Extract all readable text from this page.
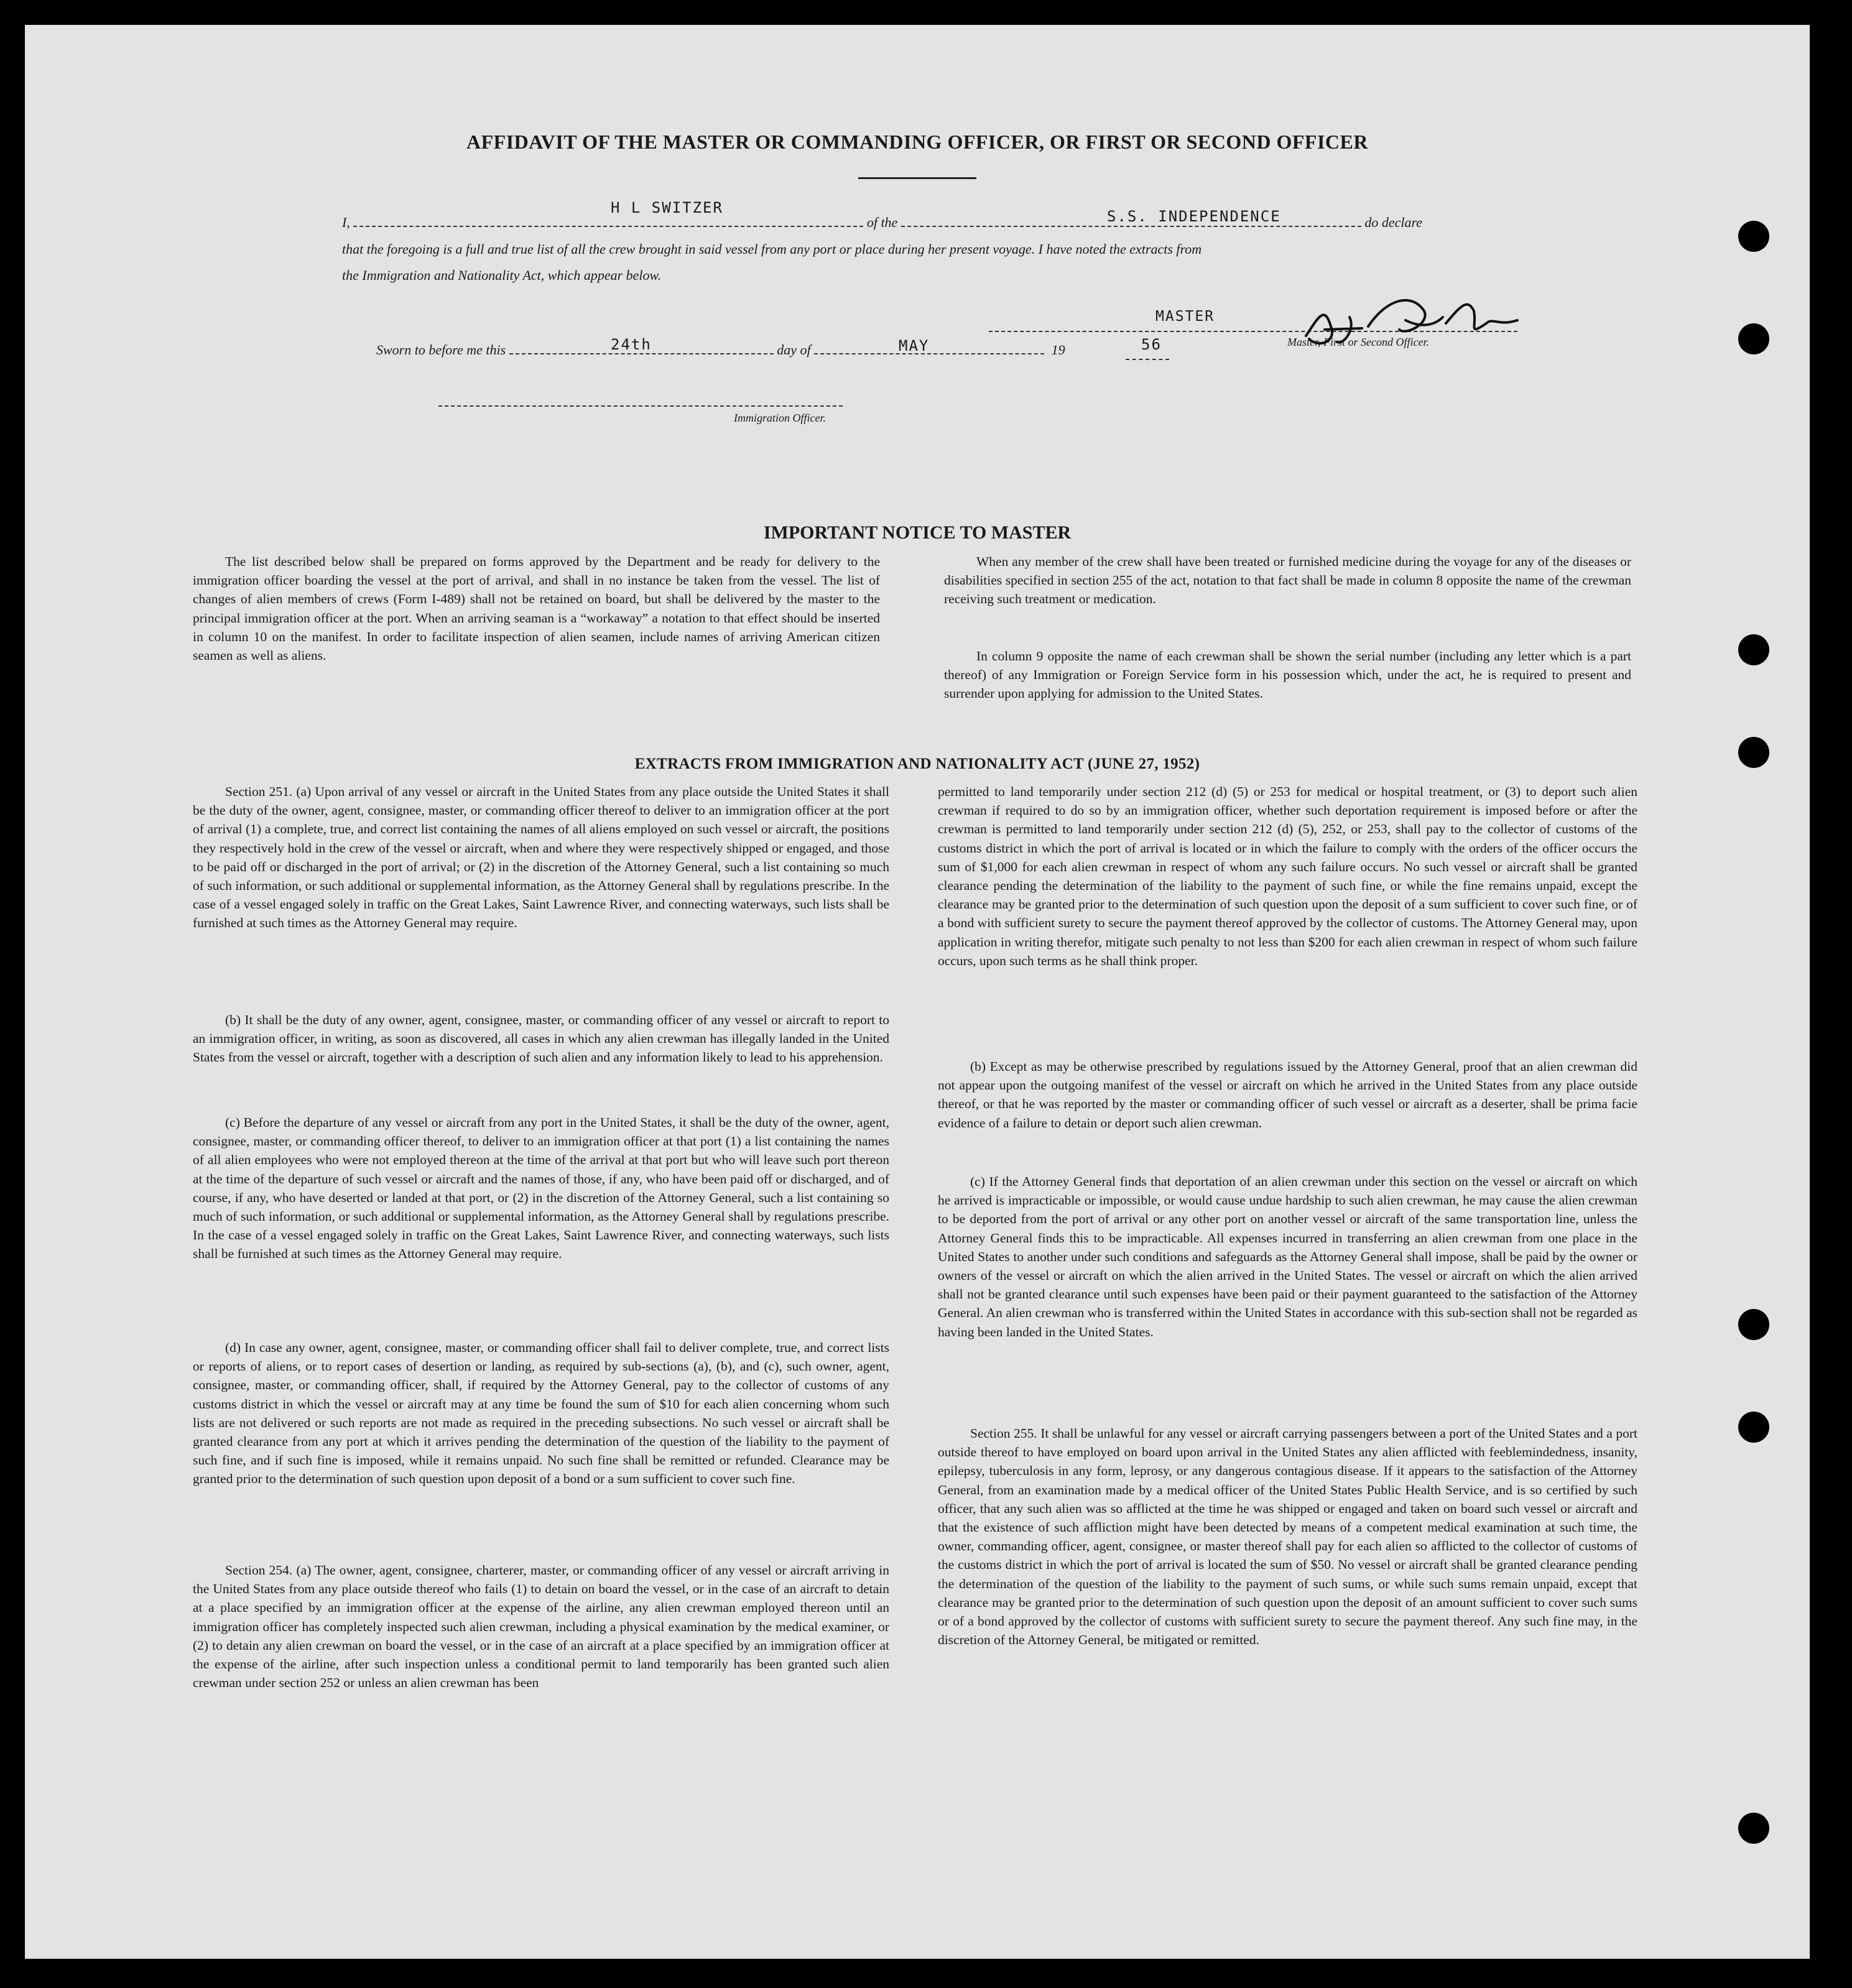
AFFIDAVIT OF THE MASTER OR COMMANDING OFFICER, OR FIRST OR SECOND OFFICER
I,	of the	do declare
H L SWITZER	S.S. INDEPENDENCE
that the foregoing is a full and true list of all the crew brought in said vessel from any port or place during her present voyage. I have noted the extracts from
the Immigration and Nationality Act, which appear below.
MASTER
Master, First or Second Officer.
Sworn to before me this	day of	19
24th	MAY	56
Immigration Officer.
IMPORTANT NOTICE TO MASTER

The list described below shall be prepared on forms approved by the Department and be ready for delivery to the immigration officer boarding the vessel at the port of arrival, and shall in no instance be taken from the vessel. The list of changes of alien members of crews (Form I-489) shall not be retained on board, but shall be delivered by the master to the principal immigration officer at the port. When an arriving seaman is a “workaway” a notation to that effect should be inserted in column 10 on the manifest. In order to facilitate inspection of alien seamen, include names of arriving American citizen seamen as well as aliens.

When any member of the crew shall have been treated or furnished medicine during the voyage for any of the diseases or disabilities specified in section 255 of the act, notation to that fact shall be made in column 8 opposite the name of the crewman receiving such treatment or medication.

In column 9 opposite the name of each crewman shall be shown the serial number (including any letter which is a part thereof) of any Immigration or Foreign Service form in his possession which, under the act, he is required to present and surrender upon applying for admission to the United States.

EXTRACTS FROM IMMIGRATION AND NATIONALITY ACT (JUNE 27, 1952)

Section 251. (a) Upon arrival of any vessel or aircraft in the United States from any place outside the United States it shall be the duty of the owner, agent, consignee, master, or commanding officer thereof to deliver to an immigration officer at the port of arrival (1) a complete, true, and correct list containing the names of all aliens employed on such vessel or aircraft, the positions they respectively hold in the crew of the vessel or aircraft, when and where they were respectively shipped or engaged, and those to be paid off or discharged in the port of arrival; or (2) in the discretion of the Attorney General, such a list containing so much of such information, or such additional or supplemental information, as the Attorney General shall by regulations prescribe. In the case of a vessel engaged solely in traffic on the Great Lakes, Saint Lawrence River, and connecting waterways, such lists shall be furnished at such times as the Attorney General may require.

(b) It shall be the duty of any owner, agent, consignee, master, or commanding officer of any vessel or aircraft to report to an immigration officer, in writing, as soon as discovered, all cases in which any alien crewman has illegally landed in the United States from the vessel or aircraft, together with a description of such alien and any information likely to lead to his apprehension.

(c) Before the departure of any vessel or aircraft from any port in the United States, it shall be the duty of the owner, agent, consignee, master, or commanding officer thereof, to deliver to an immigration officer at that port (1) a list containing the names of all alien employees who were not employed thereon at the time of the arrival at that port but who will leave such port thereon at the time of the departure of such vessel or aircraft and the names of those, if any, who have been paid off or discharged, and of course, if any, who have deserted or landed at that port, or (2) in the discretion of the Attorney General, such a list containing so much of such information, or such additional or supplemental information, as the Attorney General shall by regulations prescribe. In the case of a vessel engaged solely in traffic on the Great Lakes, Saint Lawrence River, and connecting waterways, such lists shall be furnished at such times as the Attorney General may require.

(d) In case any owner, agent, consignee, master, or commanding officer shall fail to deliver complete, true, and correct lists or reports of aliens, or to report cases of desertion or landing, as required by sub-sections (a), (b), and (c), such owner, agent, consignee, master, or commanding officer, shall, if required by the Attorney General, pay to the collector of customs of any customs district in which the vessel or aircraft may at any time be found the sum of $10 for each alien concerning whom such lists are not delivered or such reports are not made as required in the preceding subsections. No such vessel or aircraft shall be granted clearance from any port at which it arrives pending the determination of the question of the liability to the payment of such fine, and if such fine is imposed, while it remains unpaid. No such fine shall be remitted or refunded. Clearance may be granted prior to the determination of such question upon deposit of a bond or a sum sufficient to cover such fine.

Section 254. (a) The owner, agent, consignee, charterer, master, or commanding officer of any vessel or aircraft arriving in the United States from any place outside thereof who fails (1) to detain on board the vessel, or in the case of an aircraft to detain at a place specified by an immigration officer at the expense of the airline, any alien crewman employed thereon until an immigration officer has completely inspected such alien crewman, including a physical examination by the medical examiner, or (2) to detain any alien crewman on board the vessel, or in the case of an aircraft at a place specified by an immigration officer at the expense of the airline, after such inspection unless a conditional permit to land temporarily has been granted such alien crewman under section 252 or unless an alien crewman has been

permitted to land temporarily under section 212 (d) (5) or 253 for medical or hospital treatment, or (3) to deport such alien crewman if required to do so by an immigration officer, whether such deportation requirement is imposed before or after the crewman is permitted to land temporarily under section 212 (d) (5), 252, or 253, shall pay to the collector of customs of the customs district in which the port of arrival is located or in which the failure to comply with the orders of the officer occurs the sum of $1,000 for each alien crewman in respect of whom any such failure occurs. No such vessel or aircraft shall be granted clearance pending the determination of the liability to the payment of such fine, or while the fine remains unpaid, except the clearance may be granted prior to the determination of such question upon the deposit of a sum sufficient to cover such fine, or of a bond with sufficient surety to secure the payment thereof approved by the collector of customs. The Attorney General may, upon application in writing therefor, mitigate such penalty to not less than $200 for each alien crewman in respect of whom such failure occurs, upon such terms as he shall think proper.

(b) Except as may be otherwise prescribed by regulations issued by the Attorney General, proof that an alien crewman did not appear upon the outgoing manifest of the vessel or aircraft on which he arrived in the United States from any place outside thereof, or that he was reported by the master or commanding officer of such vessel or aircraft as a deserter, shall be prima facie evidence of a failure to detain or deport such alien crewman.

(c) If the Attorney General finds that deportation of an alien crewman under this section on the vessel or aircraft on which he arrived is impracticable or impossible, or would cause undue hardship to such alien crewman, he may cause the alien crewman to be deported from the port of arrival or any other port on another vessel or aircraft of the same transportation line, unless the Attorney General finds this to be impracticable. All expenses incurred in transferring an alien crewman from one place in the United States to another under such conditions and safeguards as the Attorney General shall impose, shall be paid by the owner or owners of the vessel or aircraft on which the alien arrived in the United States. The vessel or aircraft on which the alien arrived shall not be granted clearance until such expenses have been paid or their payment guaranteed to the satisfaction of the Attorney General. An alien crewman who is transferred within the United States in accordance with this sub-section shall not be regarded as having been landed in the United States.

Section 255. It shall be unlawful for any vessel or aircraft carrying passengers between a port of the United States and a port outside thereof to have employed on board upon arrival in the United States any alien afflicted with feeblemindedness, insanity, epilepsy, tuberculosis in any form, leprosy, or any dangerous contagious disease. If it appears to the satisfaction of the Attorney General, from an examination made by a medical officer of the United States Public Health Service, and is so certified by such officer, that any such alien was so afflicted at the time he was shipped or engaged and taken on board such vessel or aircraft and that the existence of such affliction might have been detected by means of a competent medical examination at such time, the owner, commanding officer, agent, consignee, or master thereof shall pay for each alien so afflicted to the collector of customs of the customs district in which the port of arrival is located the sum of $50. No vessel or aircraft shall be granted clearance pending the determination of the question of the liability to the payment of such sums, or while such sums remain unpaid, except that clearance may be granted prior to the determination of such question upon the deposit of an amount sufficient to cover such sums or of a bond approved by the collector of customs with sufficient surety to secure the payment thereof. Any such fine may, in the discretion of the Attorney General, be mitigated or remitted.
